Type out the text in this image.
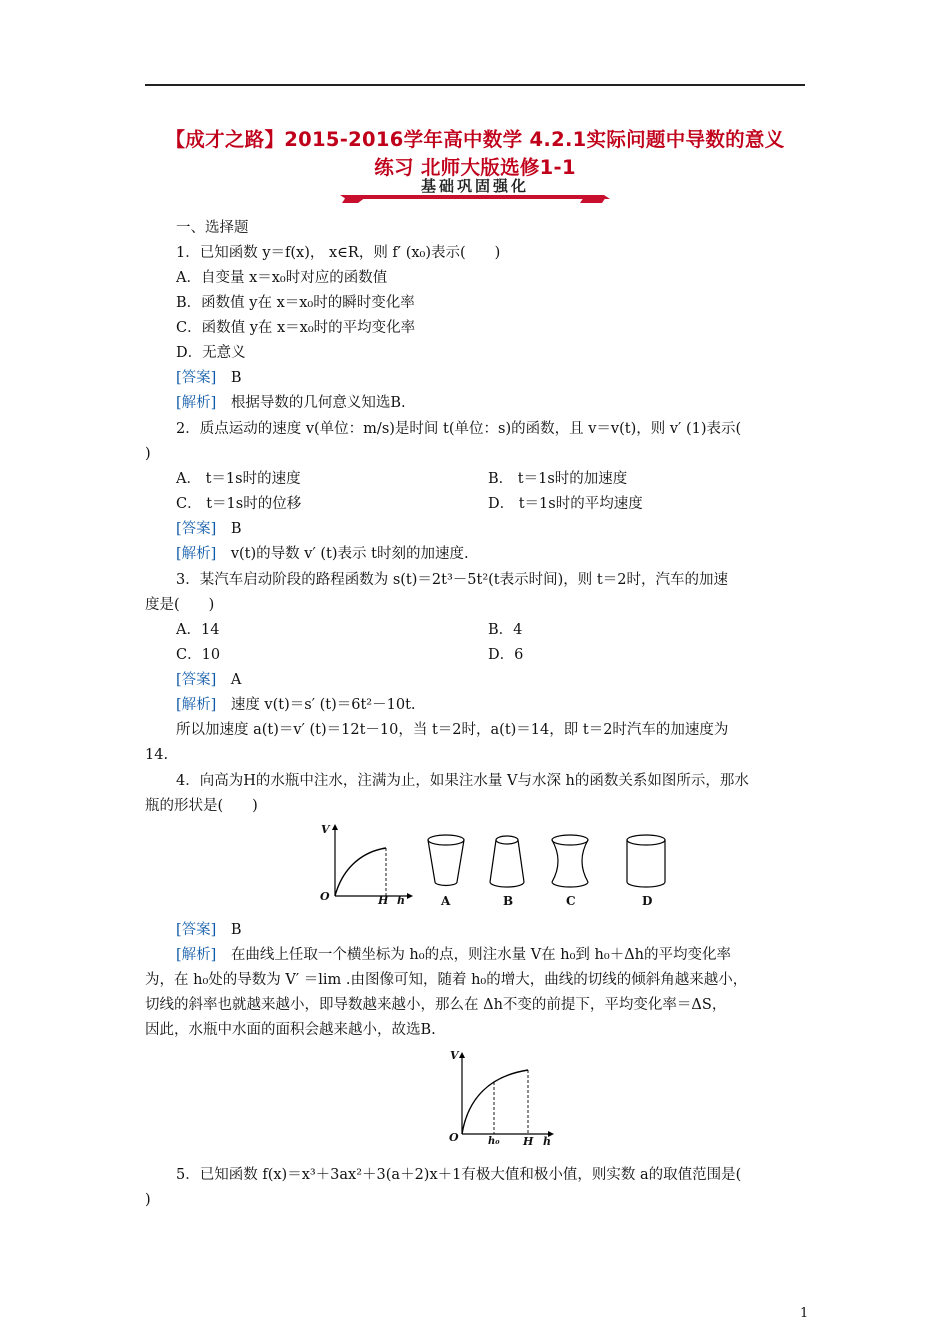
【成才之路】2015-2016学年高中数学 4.2.1实际问题中导数的意义
练习 北师大版选修1-1
基础巩固强化
一、选择题
1．已知函数 y＝f(x)， x∈R，则 f′ (x₀)表示(　　)
A．自变量 x＝x₀时对应的函数值
B．函数值 y在 x＝x₀时的瞬时变化率
C．函数值 y在 x＝x₀时的平均变化率
D．无意义
[答案]　B
[解析]　根据导数的几何意义知选B.
2．质点运动的速度 v(单位：m/s)是时间 t(单位：s)的函数，且 v＝v(t)，则 v′ (1)表示(
)
A． t＝1s时的速度	B． t＝1s时的加速度
C． t＝1s时的位移	D． t＝1s时的平均速度
[答案]　B
[解析]　v(t)的导数 v′ (t)表示 t时刻的加速度.
3．某汽车启动阶段的路程函数为 s(t)＝2t³－5t²(t表示时间)，则 t＝2时，汽车的加速
度是(　　)
A．14	B．4
C．10	D．6
[答案]　A
[解析]　速度 v(t)＝s′ (t)＝6t²－10t.
所以加速度 a(t)＝v′ (t)＝12t－10，当 t＝2时，a(t)＝14，即 t＝2时汽车的加速度为
14.
4．向高为H的水瓶中注水，注满为止，如果注水量 V与水深 h的函数关系如图所示，那水
瓶的形状是(　　)
V
O	H h	A	B	C	D
[答案]　B
[解析]　在曲线上任取一个横坐标为 h₀的点，则注水量 V在 h₀到 h₀＋Δh的平均变化率
为，在 h₀处的导数为 V′ ＝lim .由图像可知，随着 h₀的增大，曲线的切线的倾斜角越来越小，
切线的斜率也就越来越小，即导数越来越小，那么在 Δh不变的前提下，平均变化率＝ΔS，
因此，水瓶中水面的面积会越来越小，故选B.
V
O	h₀ H h
5．已知函数 f(x)＝x³＋3ax²＋3(a＋2)x＋1有极大值和极小值，则实数 a的取值范围是(
)
1
